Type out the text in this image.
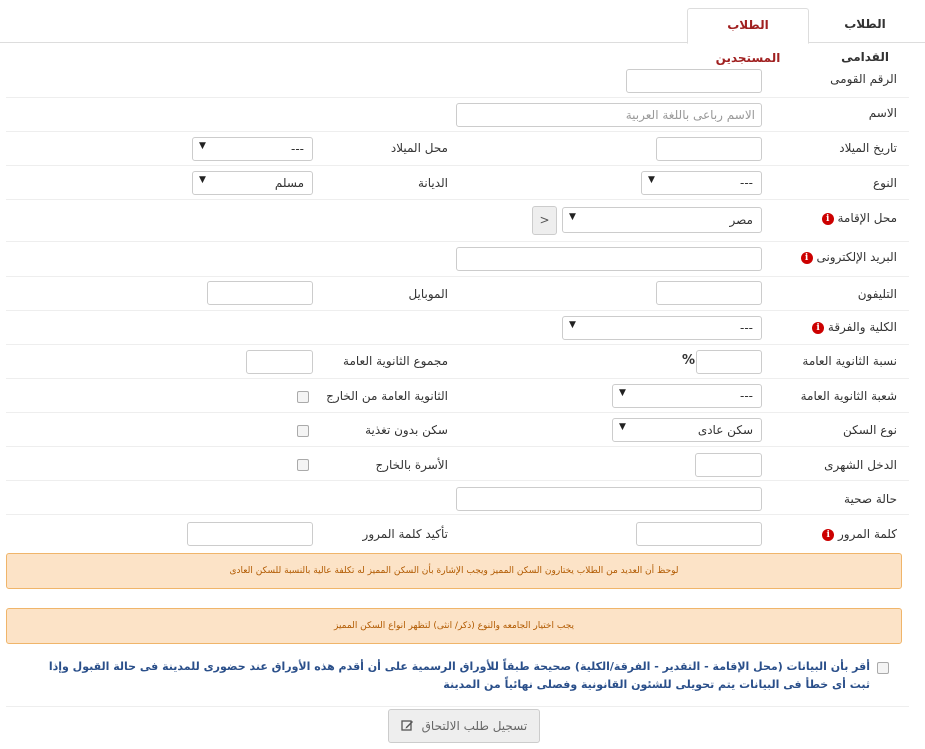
الطلاب القدامى
الطلاب المستجدين
الرقم القومى
الاسم
الاسم رباعى باللغة العربية
تاريخ الميلاد
محل الميلاد
---
▼
النوع
---
▼
الديانة
مسلم
▼
محل الإقامة i
مصر
▼
>
البريد الإلكترونى i
التليفون
الموبايل
الكلية والفرقة i
---
▼
نسبة الثانوية العامة
%
مجموع الثانوية العامة
شعبة الثانوية العامة
---
▼
الثانوية العامة من الخارج
نوع السكن
سكن عادى
▼
سكن بدون تغذية
الدخل الشهرى
الأسرة بالخارج
حالة صحية
كلمة المرور i
تأكيد كلمة المرور
لوحظ أن العديد من الطلاب يختارون السكن المميز ويجب الإشارة بأن السكن المميز له تكلفة عالية بالنسبة للسكن العادى
يجب اختيار الجامعه والنوع (ذكر/ انثى) لتظهر انواع السكن المميز
أقر بأن البيانات (محل الإقامة - التقدير - الفرقة/الكلية) صحيحة طبقاً للأوراق الرسمية على أن أقدم هذه الأوراق عند حضورى للمدينة فى حالة القبول وإذا ثبت أى خطأ فى البيانات يتم تحويلى للشئون القانونية وفصلى نهائياً من المدينة
تسجيل طلب الالتحاق
